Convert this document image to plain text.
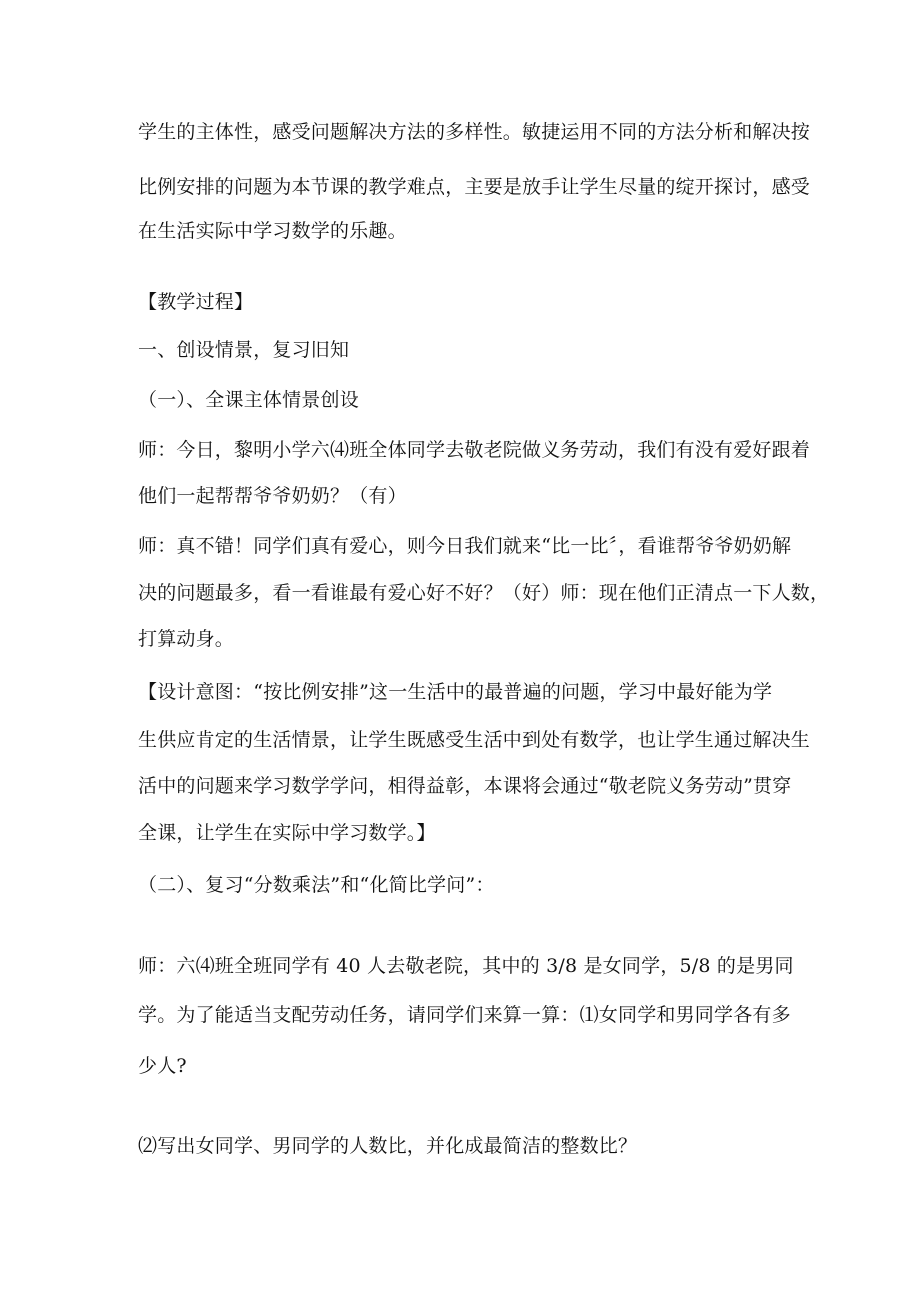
学生的主体性，感受问题解决方法的多样性。敏捷运用不同的方法分析和解决按
比例安排的问题为本节课的教学难点，主要是放手让学生尽量的绽开探讨，感受
在生活实际中学习数学的乐趣。
【教学过程】
一、创设情景，复习旧知
（一）、全课主体情景创设
师：今日，黎明小学六⑷班全体同学去敬老院做义务劳动，我们有没有爱好跟着
他们一起帮帮爷爷奶奶？（有）
师：真不错！同学们真有爱心，则今日我们就来“比一比〞，看谁帮爷爷奶奶解
决的问题最多，看一看谁最有爱心好不好？（好）师：现在他们正清点一下人数，
打算动身。
【设计意图：“按比例安排”这一生活中的最普遍的问题，学习中最好能为学
生供应肯定的生活情景，让学生既感受生活中到处有数学，也让学生通过解决生
活中的问题来学习数学学问，相得益彰，本课将会通过“敬老院义务劳动”贯穿
全课，让学生在实际中学习数学。】
（二）、复习“分数乘法”和“化简比学问”：
师：六⑷班全班同学有 40 人去敬老院，其中的 3/8 是女同学，5/8 的是男同
学。为了能适当支配劳动任务，请同学们来算一算：⑴女同学和男同学各有多
少人?
⑵写出女同学、男同学的人数比，并化成最简洁的整数比？
